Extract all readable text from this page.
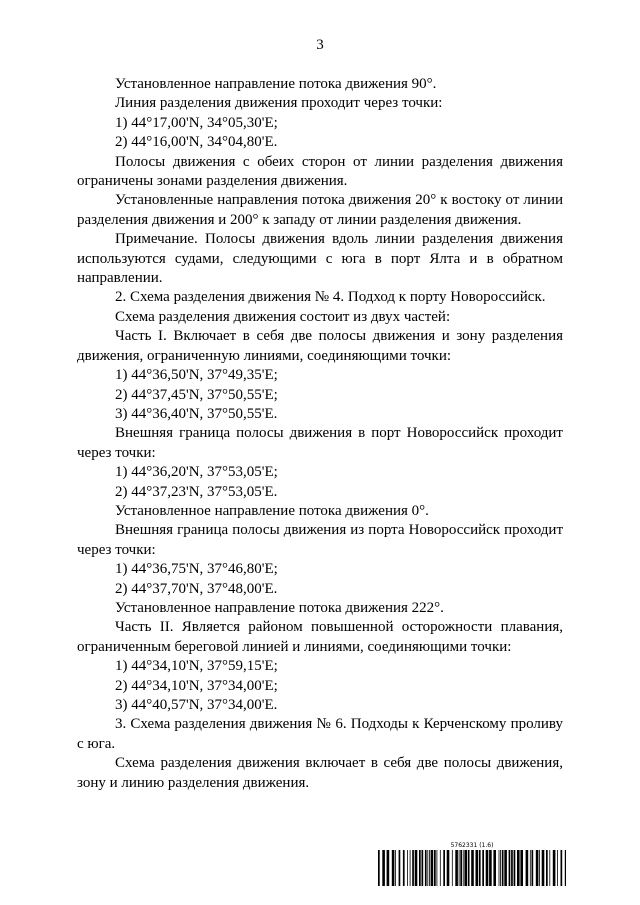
3

Установленное направление потока движения 90°.

Линия разделения движения проходит через точки:

1) 44°17,00'N, 34°05,30'E;

2) 44°16,00'N, 34°04,80'E.

Полосы движения с обеих сторон от линии разделения движения ограничены зонами разделения движения.

Установленные направления потока движения 20° к востоку от линии разделения движения и 200° к западу от линии разделения движения.

Примечание. Полосы движения вдоль линии разделения движения используются судами, следующими с юга в порт Ялта и в обратном направлении.

2. Схема разделения движения № 4. Подход к порту Новороссийск.

Схема разделения движения состоит из двух частей:

Часть I. Включает в себя две полосы движения и зону разделения движения, ограниченную линиями, соединяющими точки:

1) 44°36,50'N, 37°49,35'E;

2) 44°37,45'N, 37°50,55'E;

3) 44°36,40'N, 37°50,55'E.

Внешняя граница полосы движения в порт Новороссийск проходит через точки:

1) 44°36,20'N, 37°53,05'E;

2) 44°37,23'N, 37°53,05'E.

Установленное направление потока движения 0°.

Внешняя граница полосы движения из порта Новороссийск проходит через точки:

1) 44°36,75'N, 37°46,80'E;

2) 44°37,70'N, 37°48,00'E.

Установленное направление потока движения 222°.

Часть II. Является районом повышенной осторожности плавания, ограниченным береговой линией и линиями, соединяющими точки:

1) 44°34,10'N, 37°59,15'E;

2) 44°34,10'N, 37°34,00'E;

3) 44°40,57'N, 37°34,00'E.

3. Схема разделения движения № 6. Подходы к Керченскому проливу с юга.

Схема разделения движения включает в себя две полосы движения, зону и линию разделения движения.

5762331 (1.6)
